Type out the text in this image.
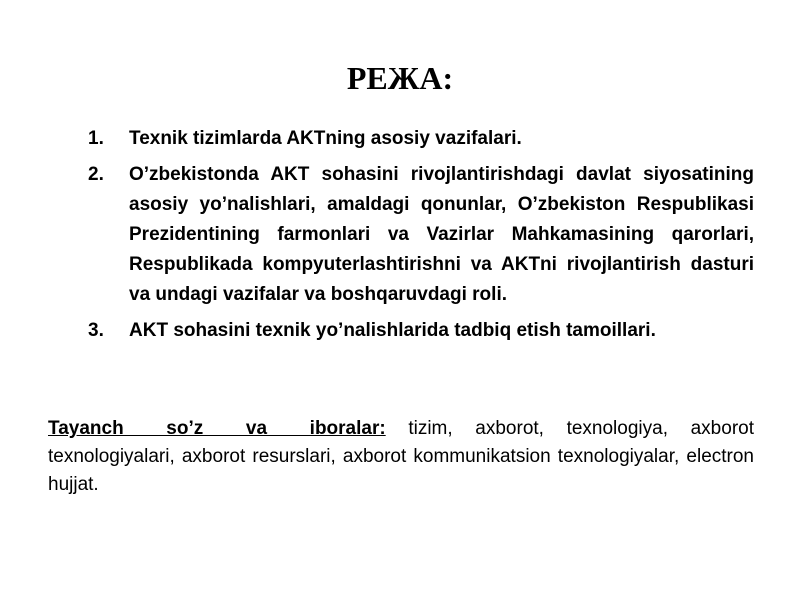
РЕЖА:
1.	Texnik tizimlarda AKTning asosiy vazifalari.
2.	O’zbekistonda AKT sohasini rivojlantirishdagi davlat siyosatining asosiy yo’nalishlari, amaldagi qonunlar, O’zbekiston Respublikasi Prezidentining farmonlari va Vazirlar Mahkamasining qarorlari, Respublikada kompyuterlashtirishni va AKTni rivojlantirish dasturi va undagi vazifalar va boshqaruvdagi roli.
3.	AKT sohasini texnik yo’nalishlarida tadbiq etish tamoillari.

Tayanch so’z va iboralar: tizim, axborot, texnologiya, axborot texnologiyalari, axborot resurslari, axborot kommunikatsion texnologiyalar, electron hujjat.
